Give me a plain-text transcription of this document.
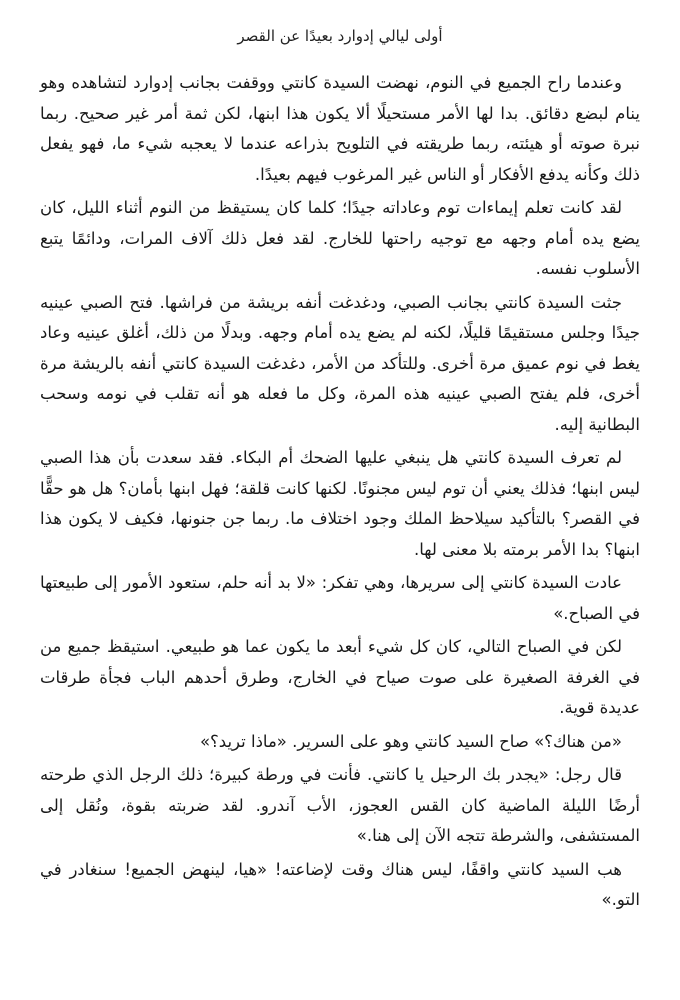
أولى ليالي إدوارد بعيدًا عن القصر

وعندما راح الجميع في النوم، نهضت السيدة كانتي ووقفت بجانب إدوارد لتشاهده وهو ينام لبضع دقائق. بدا لها الأمر مستحيلًا ألا يكون هذا ابنها، لكن ثمة أمر غير صحيح. ربما نبرة صوته أو هيئته، ربما طريقته في التلويح بذراعه عندما لا يعجبه شيء ما، فهو يفعل ذلك وكأنه يدفع الأفكار أو الناس غير المرغوب فيهم بعيدًا.

لقد كانت تعلم إيماءات توم وعاداته جيدًا؛ كلما كان يستيقظ من النوم أثناء الليل، كان يضع يده أمام وجهه مع توجيه راحتها للخارج. لقد فعل ذلك آلاف المرات، ودائمًا يتبع الأسلوب نفسه.

جثت السيدة كانتي بجانب الصبي، ودغدغت أنفه بريشة من فراشها. فتح الصبي عينيه جيدًا وجلس مستقيمًا قليلًا، لكنه لم يضع يده أمام وجهه. وبدلًا من ذلك، أغلق عينيه وعاد يغط في نوم عميق مرة أخرى. وللتأكد من الأمر، دغدغت السيدة كانتي أنفه بالريشة مرة أخرى، فلم يفتح الصبي عينيه هذه المرة، وكل ما فعله هو أنه تقلب في نومه وسحب البطانية إليه.

لم تعرف السيدة كانتي هل ينبغي عليها الضحك أم البكاء. فقد سعدت بأن هذا الصبي ليس ابنها؛ فذلك يعني أن توم ليس مجنونًا. لكنها كانت قلقة؛ فهل ابنها بأمان؟ هل هو حقًّا في القصر؟ بالتأكيد سيلاحظ الملك وجود اختلاف ما. ربما جن جنونها، فكيف لا يكون هذا ابنها؟ بدا الأمر برمته بلا معنى لها.

عادت السيدة كانتي إلى سريرها، وهي تفكر: «لا بد أنه حلم، ستعود الأمور إلى طبيعتها في الصباح.»

لكن في الصباح التالي، كان كل شيء أبعد ما يكون عما هو طبيعي. استيقظ جميع من في الغرفة الصغيرة على صوت صياح في الخارج، وطرق أحدهم الباب فجأة طرقات عديدة قوية.

«من هناك؟» صاح السيد كانتي وهو على السرير. «ماذا تريد؟»

قال رجل: «يجدر بك الرحيل يا كانتي. فأنت في ورطة كبيرة؛ ذلك الرجل الذي طرحته أرضًا الليلة الماضية كان القس العجوز، الأب آندرو. لقد ضربته بقوة، ونُقل إلى المستشفى، والشرطة تتجه الآن إلى هنا.»

هب السيد كانتي واقفًا، ليس هناك وقت لإضاعته! «هيا، لينهض الجميع! سنغادر في التو.»
